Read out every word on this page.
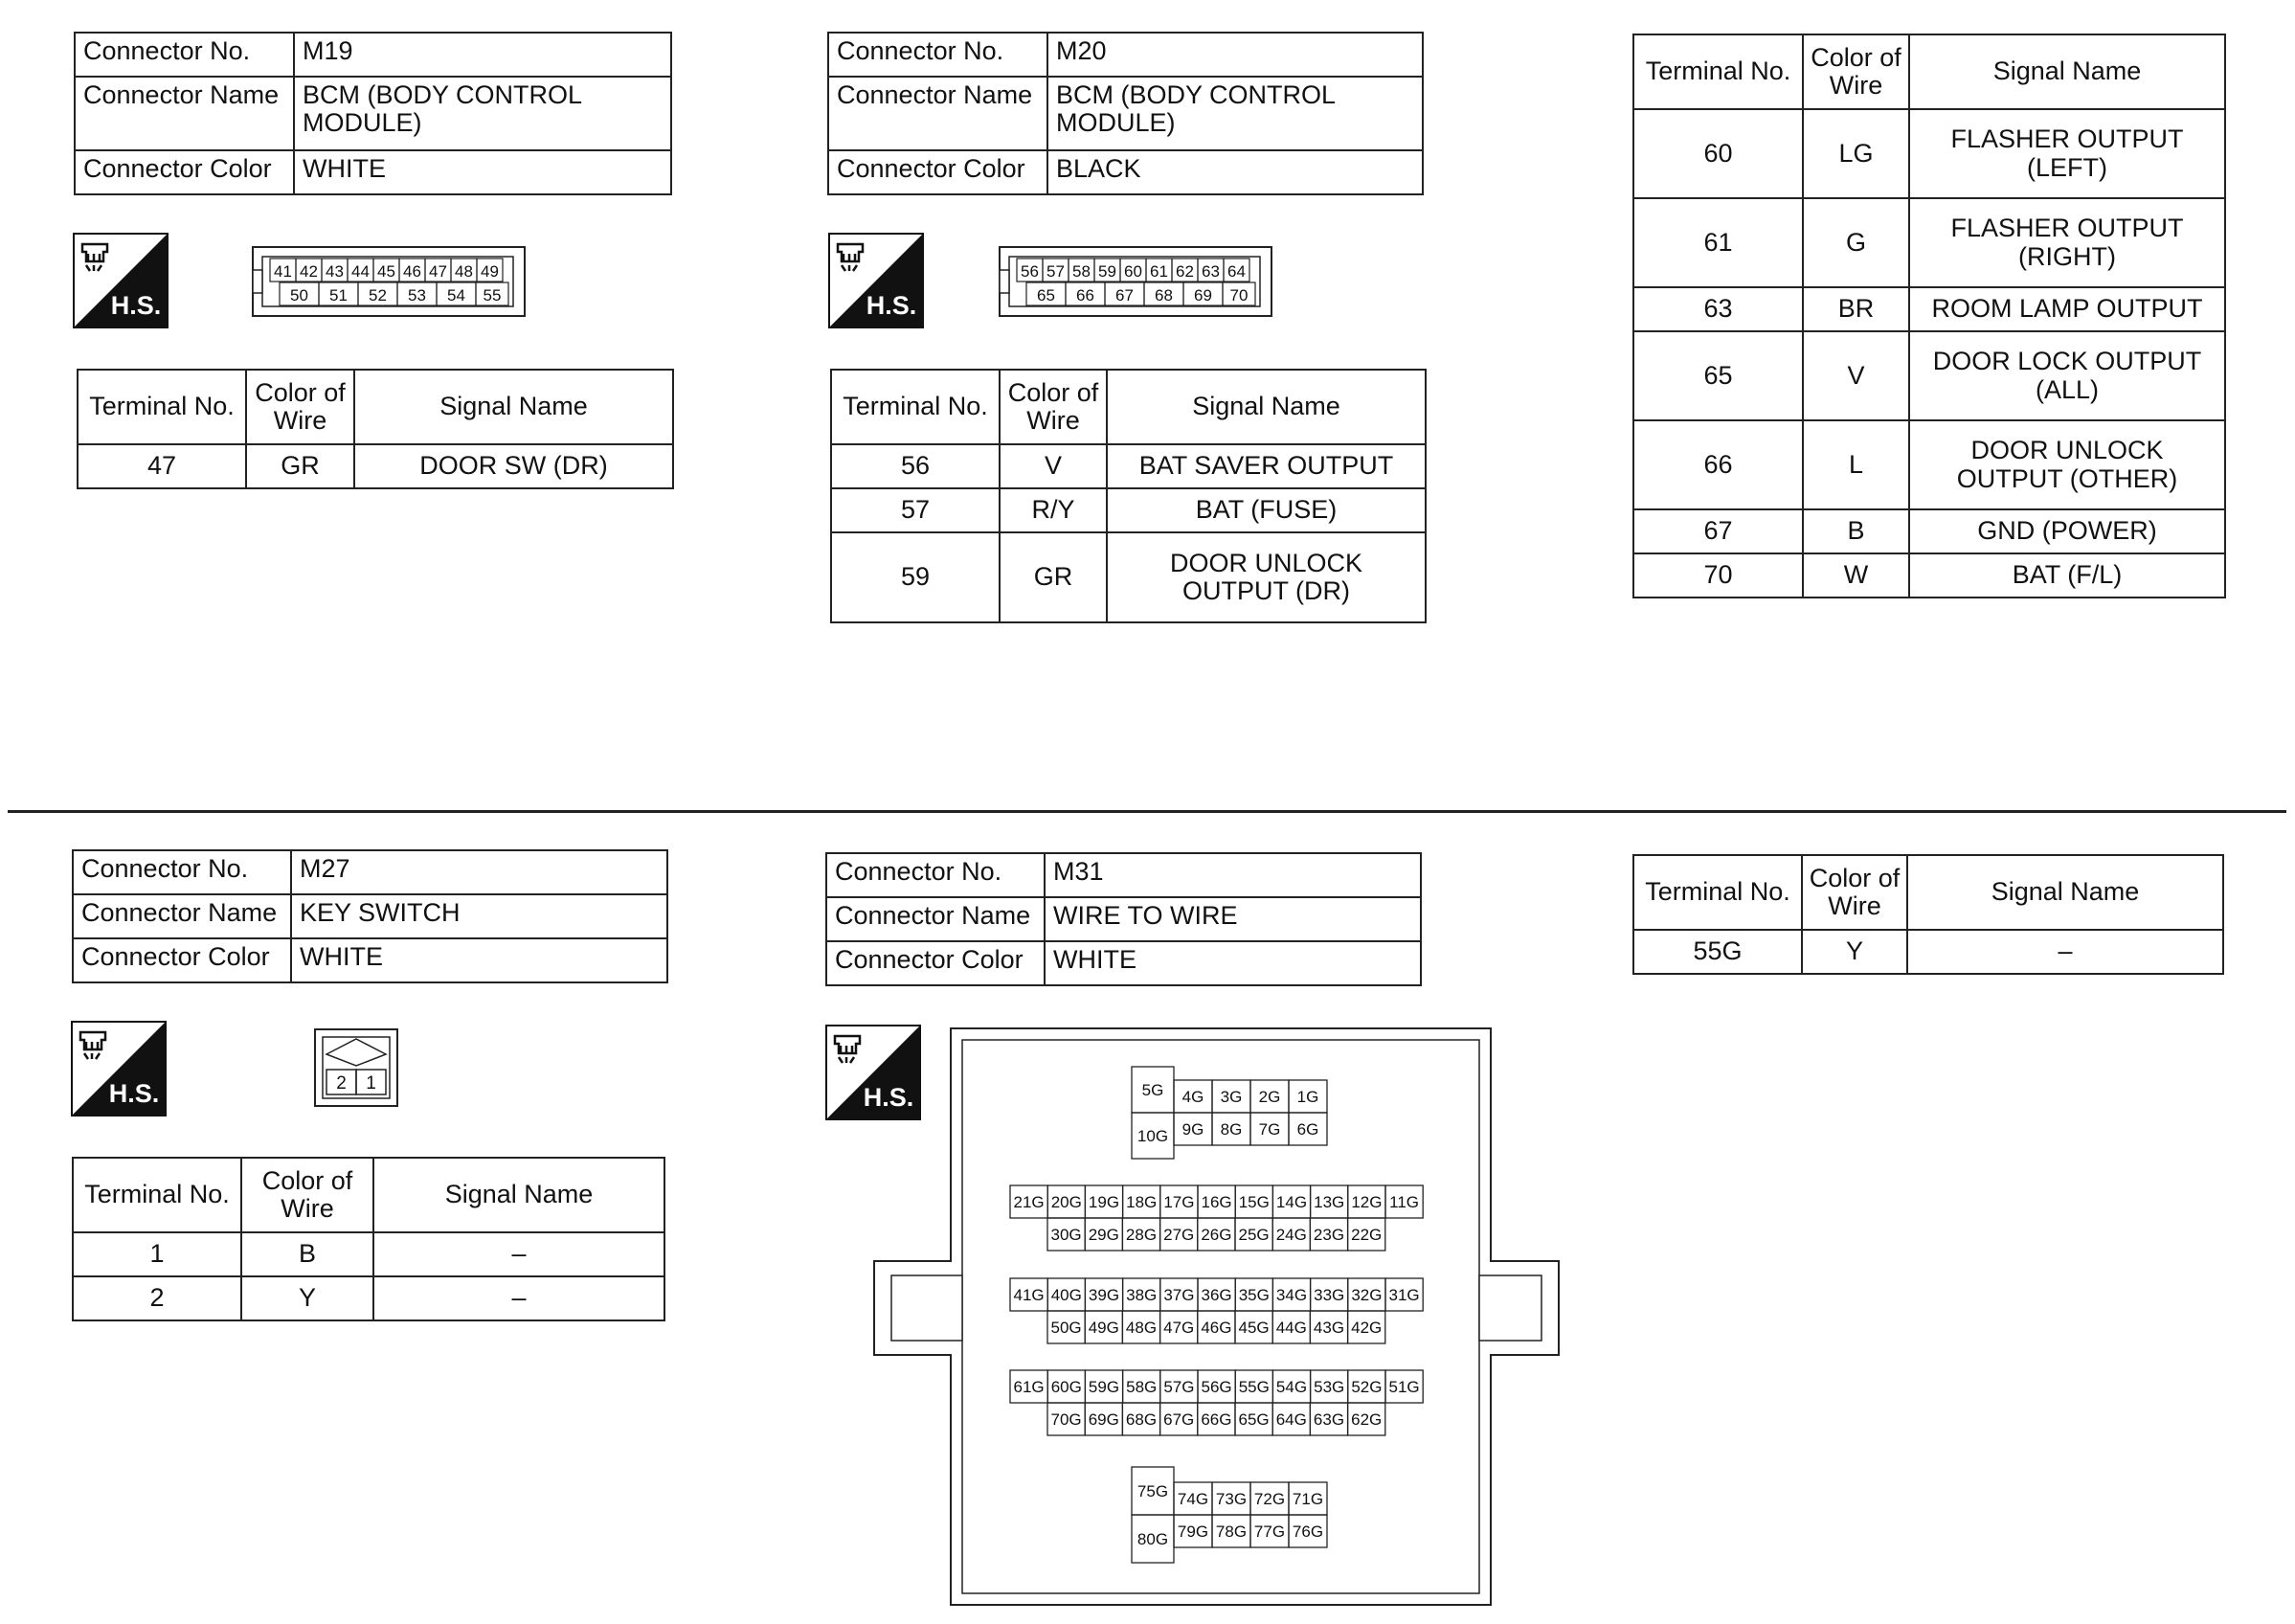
Connector No.	M19
Connector Name	BCM (BODY CONTROL MODULE)
Connector Color	WHITE
H.S.
41 42 43 44 45 46 47 48 49
50 51 52 53 54 55
Terminal No.	Color of Wire	Signal Name
47	GR	DOOR SW (DR)
Connector No.	M20
Connector Name	BCM (BODY CONTROL MODULE)
Connector Color	BLACK
H.S.
56 57 58 59 60 61 62 63 64
65 66 67 68 69 70
Terminal No.	Color of Wire	Signal Name
56	V	BAT SAVER OUTPUT
57	R/Y	BAT (FUSE)
59	GR	DOOR UNLOCK OUTPUT (DR)
Terminal No.	Color of Wire	Signal Name
60	LG	FLASHER OUTPUT (LEFT)
61	G	FLASHER OUTPUT (RIGHT)
63	BR	ROOM LAMP OUTPUT
65	V	DOOR LOCK OUTPUT (ALL)
66	L	DOOR UNLOCK OUTPUT (OTHER)
67	B	GND (POWER)
70	W	BAT (F/L)
Connector No.	M27
Connector Name	KEY SWITCH
Connector Color	WHITE
H.S.	2 1
Terminal No.	Color of Wire	Signal Name
1	B	–
2	Y	–
Connector No.	M31
Connector Name	WIRE TO WIRE
Connector Color	WHITE
H.S.	5G
10G
4G 3G 2G 1G
9G 8G 7G 6G
21G 20G 19G 18G 17G 16G 15G 14G 13G 12G 11G
30G 29G 28G 27G 26G 25G 24G 23G 22G
41G 40G 39G 38G 37G 36G 35G 34G 33G 32G 31G
50G 49G 48G 47G 46G 45G 44G 43G 42G
61G 60G 59G 58G 57G 56G 55G 54G 53G 52G 51G
70G 69G 68G 67G 66G 65G 64G 63G 62G
75G
80G
74G 73G 72G 71G
79G 78G 77G 76G
Terminal No.	Color of Wire	Signal Name
55G	Y	–
